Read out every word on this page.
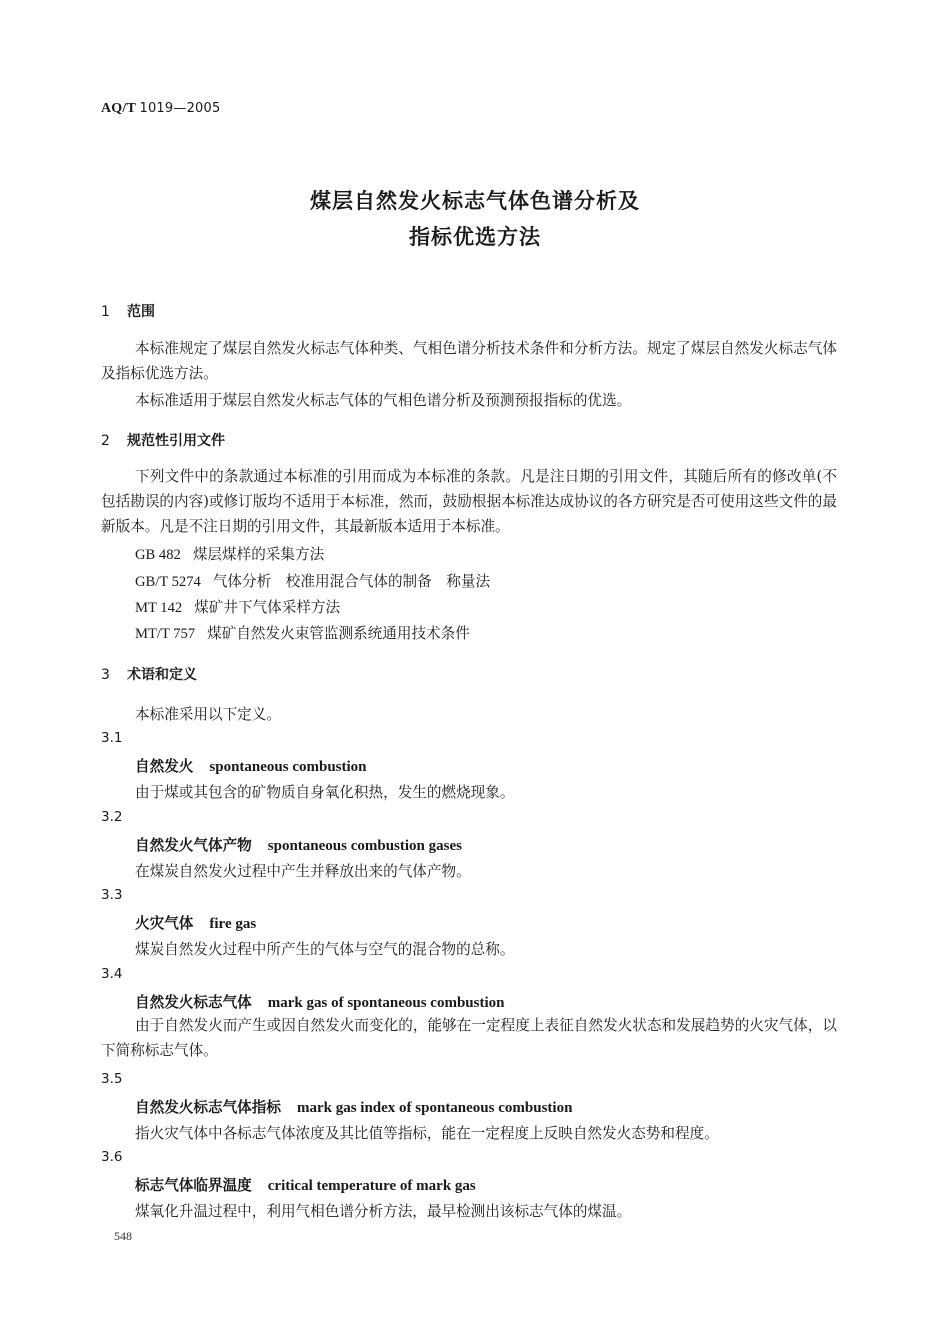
AQ/T 1019—2005
煤层自然发火标志气体色谱分析及
指标优选方法
1 范围
本标准规定了煤层自然发火标志气体种类、气相色谱分析技术条件和分析方法。规定了煤层自然发火标志气体及指标优选方法。
本标准适用于煤层自然发火标志气体的气相色谱分析及预测预报指标的优选。
2 规范性引用文件
下列文件中的条款通过本标准的引用而成为本标准的条款。凡是注日期的引用文件，其随后所有的修改单(不包括勘误的内容)或修订版均不适用于本标准，然而，鼓励根据本标准达成协议的各方研究是否可使用这些文件的最新版本。凡是不注日期的引用文件，其最新版本适用于本标准。
GB 482 煤层煤样的采集方法
GB/T 5274 气体分析　校准用混合气体的制备　称量法
MT 142 煤矿井下气体采样方法
MT/T 757 煤矿自然发火束管监测系统通用技术条件
3 术语和定义
本标准采用以下定义。
3.1
自然发火 spontaneous combustion
由于煤或其包含的矿物质自身氧化积热，发生的燃烧现象。
3.2
自然发火气体产物 spontaneous combustion gases
在煤炭自然发火过程中产生并释放出来的气体产物。
3.3
火灾气体 fire gas
煤炭自然发火过程中所产生的气体与空气的混合物的总称。
3.4
自然发火标志气体 mark gas of spontaneous combustion
由于自然发火而产生或因自然发火而变化的，能够在一定程度上表征自然发火状态和发展趋势的火灾气体，以下简称标志气体。
3.5
自然发火标志气体指标 mark gas index of spontaneous combustion
指火灾气体中各标志气体浓度及其比值等指标，能在一定程度上反映自然发火态势和程度。
3.6
标志气体临界温度 critical temperature of mark gas
煤氧化升温过程中，利用气相色谱分析方法，最早检测出该标志气体的煤温。
548
